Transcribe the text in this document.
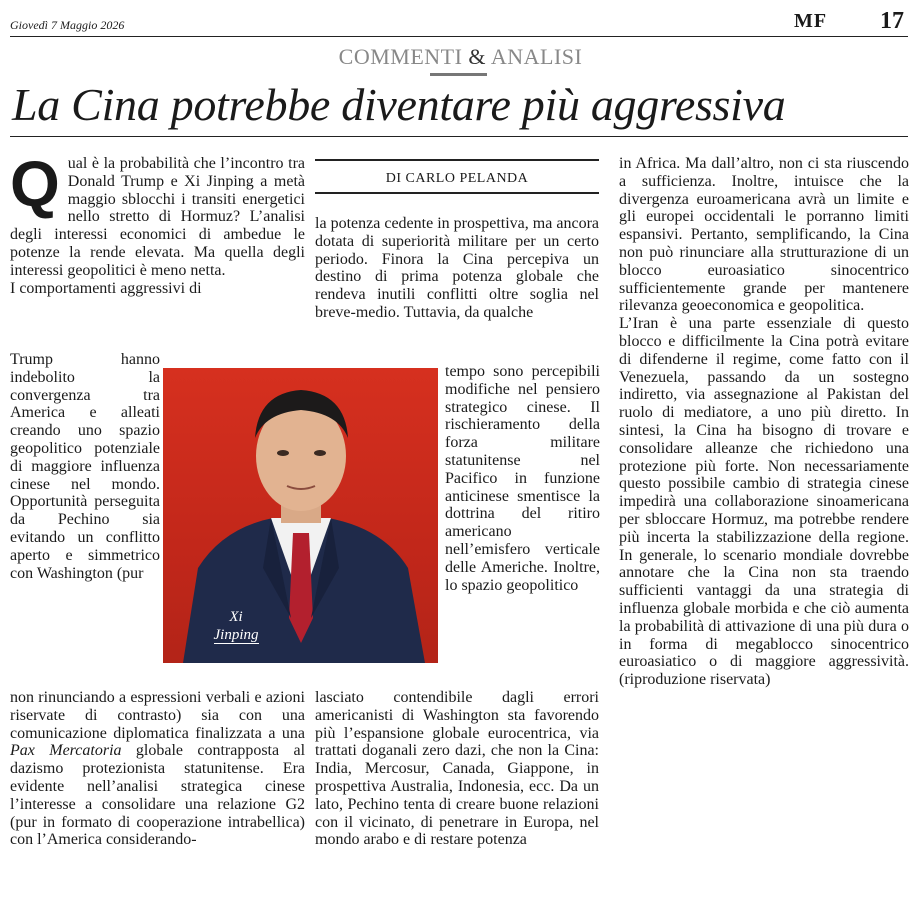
Giovedì 7 Maggio 2026	MF 17
COMMENTI & ANALISI
La Cina potrebbe diventare più aggressiva

Qual è la probabilità che l’incontro tra Donald Trump e Xi Jinping a metà maggio sblocchi i transiti energetici nello stretto di Hormuz? L’analisi degli interessi economici di ambedue le potenze la rende elevata. Ma quella degli interessi geopolitici è meno netta.

I comportamenti aggressivi di

Trump hanno indebolito la convergenza tra America e alleati creando uno spazio geopolitico potenziale di maggiore influenza cinese nel mondo. Opportunità perseguita da Pechino sia evitando un conflitto aperto e simmetrico con Washington (pur
non rinunciando a espressioni verbali e azioni riservate di contrasto) sia con una comunicazione diplomatica finalizzata a una Pax Mercatoria globale contrapposta al dazismo protezionista statunitense. Era evidente nell’analisi strategica cinese l’interesse a consolidare una relazione G2 (pur in formato di cooperazione intrabellica) con l’America considerando-
Xi
Jinping
DI CARLO PELANDA
la potenza cedente in prospettiva, ma ancora dotata di superiorità militare per un certo periodo. Finora la Cina percepiva un destino di prima potenza globale che rendeva inutili conflitti oltre soglia nel breve-medio. Tuttavia, da qualche
tempo sono percepibili modifiche nel pensiero strategico cinese. Il rischieramento della forza militare statunitense nel Pacifico in funzione anticinese smentisce la dottrina del ritiro americano nell’emisfero verticale delle Americhe. Inoltre, lo spazio geopolitico
lasciato contendibile dagli errori americanisti di Washington sta favorendo più l’espansione globale eurocentrica, via trattati doganali zero dazi, che non la Cina: India, Mercosur, Canada, Giappone, in prospettiva Australia, Indonesia, ecc. Da un lato, Pechino tenta di creare buone relazioni con il vicinato, di penetrare in Europa, nel mondo arabo e di restare potenza

in Africa. Ma dall’altro, non ci sta riuscendo a sufficienza. Inoltre, intuisce che la divergenza euroamericana avrà un limite e gli europei occidentali le porranno limiti espansivi. Pertanto, semplificando, la Cina non può rinunciare alla strutturazione di un blocco euroasiatico sinocentrico sufficientemente grande per mantenere rilevanza geoeconomica e geopolitica.

L’Iran è una parte essenziale di questo blocco e difficilmente la Cina potrà evitare di difenderne il regime, come fatto con il Venezuela, passando da un sostegno indiretto, via assegnazione al Pakistan del ruolo di mediatore, a uno più diretto. In sintesi, la Cina ha bisogno di trovare e consolidare alleanze che richiedono una protezione più forte. Non necessariamente questo possibile cambio di strategia cinese impedirà una collaborazione sinoamericana per sbloccare Hormuz, ma potrebbe rendere più incerta la stabilizzazione della regione. In generale, lo scenario mondiale dovrebbe annotare che la Cina non sta traendo sufficienti vantaggi da una strategia di influenza globale morbida e che ciò aumenta la probabilità di attivazione di una più dura o in forma di megablocco sinocentrico euroasiatico o di maggiore aggressività. (riproduzione riservata)
